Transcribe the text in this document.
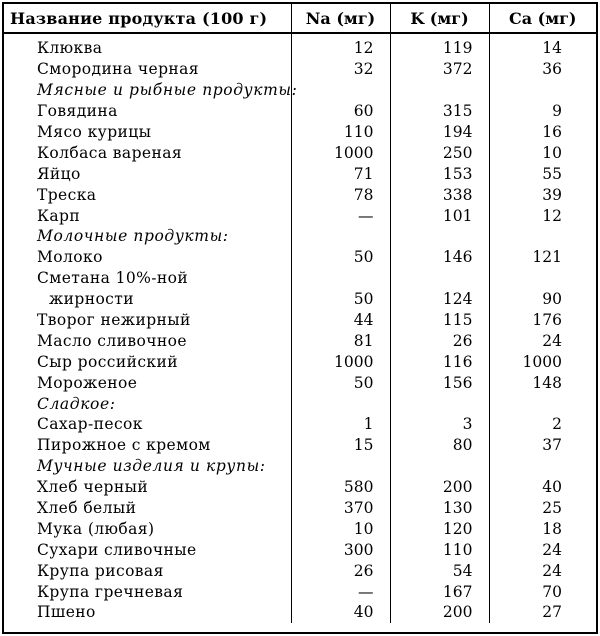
Название продукта (100 г)	Na (мг)	K (мг)	Ca (мг)
Клюква	12	119	14
Смородина черная	32	372	36
Мясные и рыбные продукты:			
Говядина	60	315	9
Мясо курицы	110	194	16
Колбаса вареная	1000	250	10
Яйцо	71	153	55
Треска	78	338	39
Карп	—	101	12
Молочные продукты:			
Молоко	50	146	121
Сметана 10%-ной			
жирности	50	124	90
Творог нежирный	44	115	176
Масло сливочное	81	26	24
Сыр российский	1000	116	1000
Мороженое	50	156	148
Сладкое:			
Сахар-песок	1	3	2
Пирожное с кремом	15	80	37
Мучные изделия и крупы:			
Хлеб черный	580	200	40
Хлеб белый	370	130	25
Мука (любая)	10	120	18
Сухари сливочные	300	110	24
Крупа рисовая	26	54	24
Крупа гречневая	—	167	70
Пшено	40	200	27
